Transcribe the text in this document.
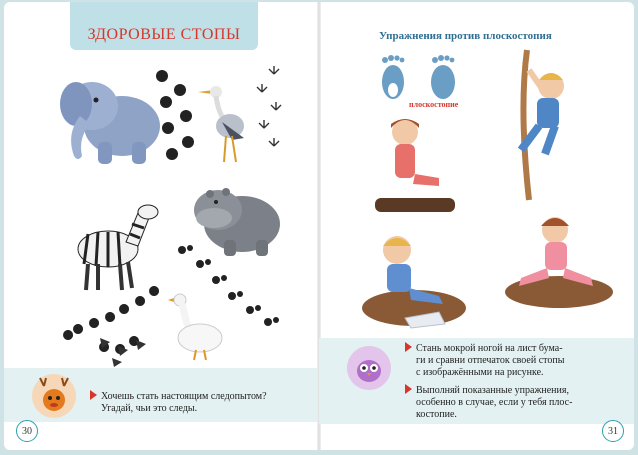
ЗДОРОВЫЕ СТОПЫ
Хочешь стать настоящим следопытом?
Угадай, чьи это следы.
30
Упражнения против плоскостопия
плоскостопие
Стань мокрой ногой на лист бума-
ги и сравни отпечаток своей стопы
с изображёнными на рисунке.
Выполняй показанные упражнения,
особенно в случае, если у тебя плос-
костопие.
31
